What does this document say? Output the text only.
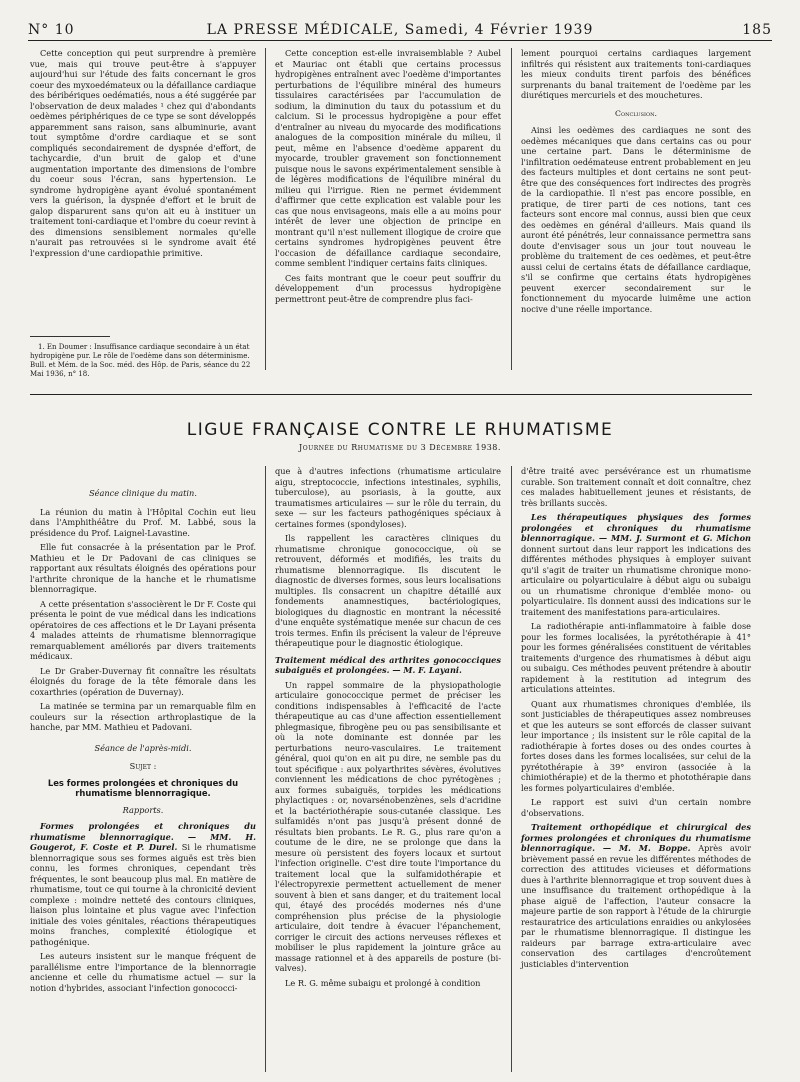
N° 10	LA PRESSE MÉDICALE, Samedi, 4 Février 1939	185

Cette conception qui peut surprendre à première vue, mais qui trouve peut-être à s'appuyer aujourd'hui sur l'étude des faits concernant le gros coeur des myxoedémateux ou la défaillance cardiaque des béribériques oedématiés, nous a été suggérée par l'observation de deux malades ¹ chez qui d'abondants oedèmes périphériques de ce type se sont développés apparemment sans raison, sans albuminurie, avant tout symptôme d'ordre cardiaque et se sont compliqués secondairement de dyspnée d'effort, de tachycardie, d'un bruit de galop et d'une augmentation importante des dimensions de l'ombre du coeur sous l'écran, sans hypertension. Le syndrome hydropigène ayant évolué spontanément vers la guérison, la dyspnée d'effort et le bruit de galop disparurent sans qu'on ait eu à instituer un traitement toni-cardiaque et l'ombre du coeur revint à des dimensions sensiblement normales qu'elle n'aurait pas retrouvées si le syndrome avait été l'expression d'une cardiopathie primitive.

1. En Doumer : Insuffisance cardiaque secondaire à un état hydropigène pur. Le rôle de l'oedème dans son déterminisme. Bull. et Mém. de la Soc. méd. des Hôp. de Paris, séance du 22 Mai 1936, n° 18.

Cette conception est-elle invraisemblable ? Aubel et Mauriac ont établi que certains processus hydropigènes entraînent avec l'oedème d'importantes perturbations de l'équilibre minéral des humeurs tissulaires caractérisées par l'accumulation de sodium, la diminution du taux du potassium et du calcium. Si le processus hydropigène a pour effet d'entraîner au niveau du myocarde des modifications analogues de la composition minérale du milieu, il peut, même en l'absence d'oedème apparent du myocarde, troubler gravement son fonctionnement puisque nous le savons expérimentalement sensible à de légères modifications de l'équilibre minéral du milieu qui l'irrigue. Rien ne permet évidemment d'affirmer que cette explication est valable pour les cas que nous envisageons, mais elle a au moins pour intérêt de lever une objection de principe en montrant qu'il n'est nullement illogique de croire que certains syndromes hydropigènes peuvent être l'occasion de défaillance cardiaque secondaire, comme semblent l'indiquer certains faits cliniques.

Ces faits montrant que le coeur peut souffrir du développement d'un processus hydropigène permettront peut-être de comprendre plus faci-

lement pourquoi certains cardiaques largement infiltrés qui résistent aux traitements toni-cardiaques les mieux conduits tirent parfois des bénéfices surprenants du banal traitement de l'oedème par les diurétiques mercuriels et des mouchetures.

Conclusion.

Ainsi les oedèmes des cardiaques ne sont des oedèmes mécaniques que dans certains cas ou pour une certaine part. Dans le déterminisme de l'infiltration oedémateuse entrent probablement en jeu des facteurs multiples et dont certains ne sont peut-être que des conséquences fort indirectes des progrès de la cardiopathie. Il n'est pas encore possible, en pratique, de tirer parti de ces notions, tant ces facteurs sont encore mal connus, aussi bien que ceux des oedèmes en général d'ailleurs. Mais quand ils auront été pénétrés, leur connaissance permettra sans doute d'envisager sous un jour tout nouveau le problème du traitement de ces oedèmes, et peut-être aussi celui de certains états de défaillance cardiaque, s'il se confirme que certains états hydropigènes peuvent exercer secondairement sur le fonctionnement du myocarde luimême une action nocive d'une réelle importance.

LIGUE FRANÇAISE CONTRE LE RHUMATISME
Journée du Rhumatisme du 3 Décembre 1938.

Séance clinique du matin.

La réunion du matin à l'Hôpital Cochin eut lieu dans l'Amphithéâtre du Prof. M. Labbé, sous la présidence du Prof. Laignel-Lavastine.

Elle fut consacrée à la présentation par le Prof. Mathieu et le Dr Padovani de cas cliniques se rapportant aux résultats éloignés des opérations pour l'arthrite chronique de la hanche et le rhumatisme blennorragique.

A cette présentation s'associèrent le Dr F. Coste qui présenta le point de vue médical dans les indications opératoires de ces affections et le Dr Layani présenta 4 malades atteints de rhumatisme blennorragique remarquablement améliorés par divers traitements médicaux.

Le Dr Graber-Duvernay fit connaître les résultats éloignés du forage de la tête fémorale dans les coxarthries (opération de Duvernay).

La matinée se termina par un remarquable film en couleurs sur la résection arthroplastique de la hanche, par MM. Mathieu et Padovani.

Séance de l'après-midi.

Sujet :

Les formes prolongées et chroniques du rhumatisme blennorragique.

Rapports.

Formes prolongées et chroniques du rhumatisme blennorragique. — MM. H. Gougerot, F. Coste et P. Durel. Si le rhumatisme blennorragique sous ses formes aiguës est très bien connu, les formes chroniques, cependant très fréquentes, le sont beaucoup plus mal. En matière de rhumatisme, tout ce qui tourne à la chronicité devient complexe : moindre netteté des contours cliniques, liaison plus lointaine et plus vague avec l'infection initiale des voies génitales, réactions thérapeutiques moins franches, complexité étiologique et pathogénique.

Les auteurs insistent sur le manque fréquent de parallélisme entre l'importance de la blennorragie ancienne et celle du rhumatisme actuel — sur la notion d'hybrides, associant l'infection gonococci-

que à d'autres infections (rhumatisme articulaire aigu, streptococcie, infections intestinales, syphilis, tuberculose), au psoriasis, à la goutte, aux traumatismes articulaires — sur le rôle du terrain, du sexe — sur les facteurs pathogéniques spéciaux à certaines formes (spondyloses).

Ils rappellent les caractères cliniques du rhumatisme chronique gonococcique, où se retrouvent, déformés et modifiés, les traits du rhumatisme blennorragique. Ils discutent le diagnostic de diverses formes, sous leurs localisations multiples. Ils consacrent un chapitre détaillé aux fondements anamnestiques, bactériologiques, biologiques du diagnostic en montrant la nécessité d'une enquête systématique menée sur chacun de ces trois termes. Enfin ils précisent la valeur de l'épreuve thérapeutique pour le diagnostic étiologique.

Traitement médical des arthrites gonococciques subaiguës et prolongées. — M. F. Layani.

Un rappel sommaire de la physiopathologie articulaire gonococcique permet de préciser les conditions indispensables à l'efficacité de l'acte thérapeutique au cas d'une affection essentiellement phlegmasique, fibrogène peu ou pas sensibilisante et où la note dominante est donnée par les perturbations neuro-vasculaires. Le traitement général, quoi qu'on en ait pu dire, ne semble pas du tout spécifique : aux polyarthrites sévères, évolutives conviennent les médications de choc pyrétogènes ; aux formes subaiguës, torpides les médications phylactiques : or, novarsénobenzènes, sels d'acridine et la bactériothérapie sous-cutanée classique. Les sulfamidés n'ont pas jusqu'à présent donné de résultats bien probants. Le R. G., plus rare qu'on a coutume de le dire, ne se prolonge que dans la mesure où persistent des foyers locaux et surtout l'infection originelle. C'est dire toute l'importance du traitement local que la sulfamidothérapie et l'électropyrexie permettent actuellement de mener souvent à bien et sans danger, et du traitement local qui, étayé des procédés modernes nés d'une compréhension plus précise de la physiologie articulaire, doit tendre à évacuer l'épanchement, corriger le circuit des actions nerveuses réflexes et mobiliser le plus rapidement la jointure grâce au massage rationnel et à des appareils de posture (bi-valves).

Le R. G. même subaigu et prolongé à condition

d'être traité avec persévérance est un rhumatisme curable. Son traitement connaît et doit connaître, chez ces malades habituellement jeunes et résistants, de très brillants succès.

Les thérapeutiques physiques des formes prolongées et chroniques du rhumatisme blennorragique. — MM. J. Surmont et G. Michon donnent surtout dans leur rapport les indications des différentes méthodes physiques à employer suivant qu'il s'agit de traiter un rhumatisme chronique mono-articulaire ou polyarticulaire à début aigu ou subaigu ou un rhumatisme chronique d'emblée mono- ou polyarticulaire. Ils donnent aussi des indications sur le traitement des manifestations para-articulaires.

La radiothérapie anti-inflammatoire à faible dose pour les formes localisées, la pyrétothérapie à 41° pour les formes généralisées constituent de véritables traitements d'urgence des rhumatismes à début aigu ou subaigu. Ces méthodes peuvent prétendre à aboutir rapidement à la restitution ad integrum des articulations atteintes.

Quant aux rhumatismes chroniques d'emblée, ils sont justiciables de thérapeutiques assez nombreuses et que les auteurs se sont efforcés de classer suivant leur importance ; ils insistent sur le rôle capital de la radiothérapie à fortes doses ou des ondes courtes à fortes doses dans les formes localisées, sur celui de la pyrétothérapie à 39° environ (associée à la chimiothérapie) et de la thermo et photothérapie dans les formes polyarticulaires d'emblée.

Le rapport est suivi d'un certain nombre d'observations.

Traitement orthopédique et chirurgical des formes prolongées et chroniques du rhumatisme blennorragique. — M. M. Boppe. Après avoir brièvement passé en revue les différentes méthodes de correction des attitudes vicieuses et déformations dues à l'arthrite blennorragique et trop souvent dues à une insuffisance du traitement orthopédique à la phase aiguë de l'affection, l'auteur consacre la majeure partie de son rapport à l'étude de la chirurgie restauratrice des articulations enraidies ou ankylosées par le rhumatisme blennorragique. Il distingue les raideurs par barrage extra-articulaire avec conservation des cartilages d'encroûtement justiciables d'intervention
